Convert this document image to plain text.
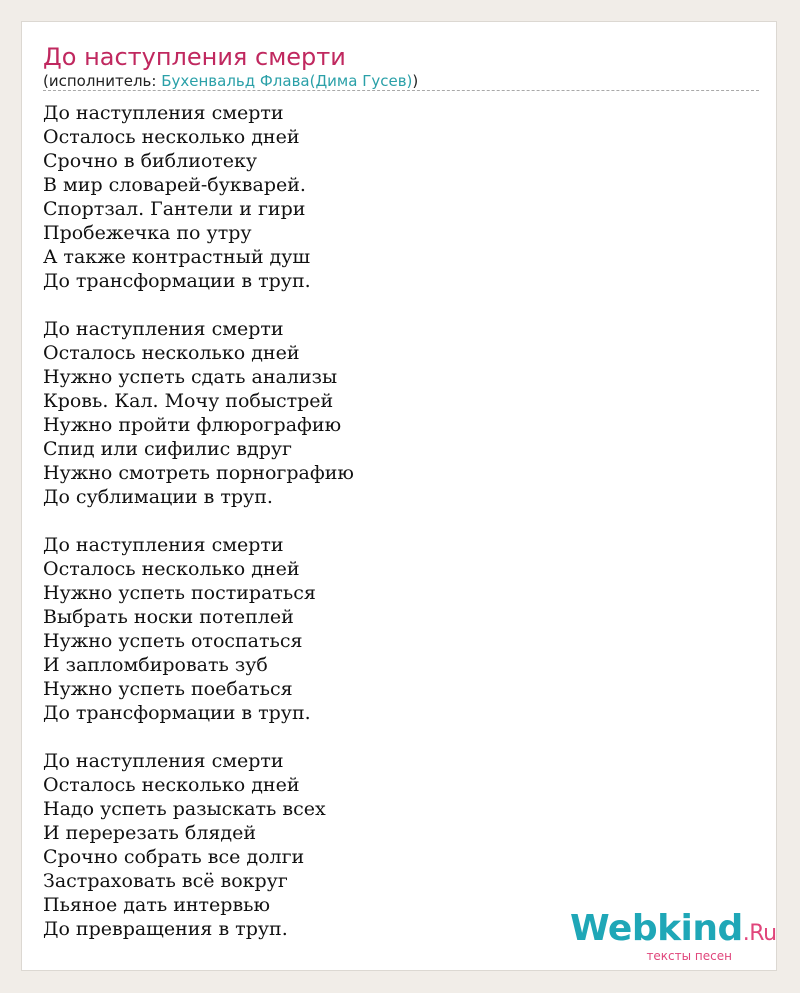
До наступления смерти
(исполнитель: Бухенвальд Флава(Дима Гусев))
До наступления смерти
Осталось несколько дней
Срочно в библиотеку
В мир словарей-букварей.
Спортзал. Гантели и гири
Пробежечка по утру
А также контрастный душ
До трансформации в труп.
До наступления смерти
Осталось несколько дней
Нужно успеть сдать анализы
Кровь. Кал. Мочу побыстрей
Нужно пройти флюрографию
Спид или сифилис вдруг
Нужно смотреть порнографию
До сублимации в труп.
До наступления смерти
Осталось несколько дней
Нужно успеть постираться
Выбрать носки потеплей
Нужно успеть отоспаться
И запломбировать зуб
Нужно успеть поебаться
До трансформации в труп.
До наступления смерти
Осталось несколько дней
Надо успеть разыскать всех
И перерезать блядей
Срочно собрать все долги
Застраховать всё вокруг
Пьяное дать интервью
До превращения в труп.	Webkind.Ru
тексты песен
